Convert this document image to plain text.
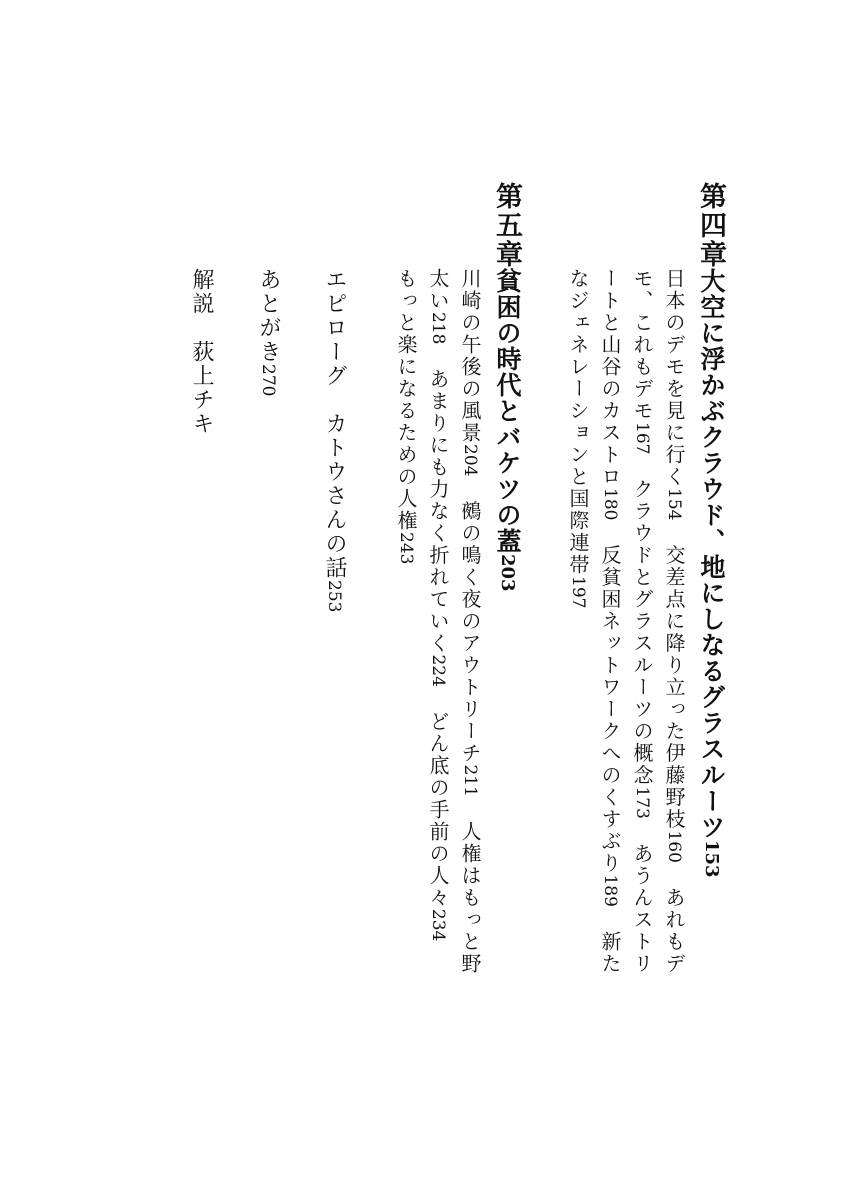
第四章
大空に浮かぶクラウド、地にしなるグラスルーツ153
日本のデモを見に行く154交差点に降り立った伊藤野枝160あれもデ
モ、これもデモ167クラウドとグラスルーツの概念173あうんストリ
ートと山谷のカストロ180反貧困ネットワークへのくすぶり189新た
なジェネレーションと国際連帯197
第五章
貧困の時代とバケツの蓋203
川崎の午後の風景204鵺の鳴く夜のアウトリーチ211人権はもっと野
太い218あまりにも力なく折れていく224どん底の手前の人々234
もっと楽になるための人権243
エピローグカトウさんの話253
あとがき270
解説荻上チキ
